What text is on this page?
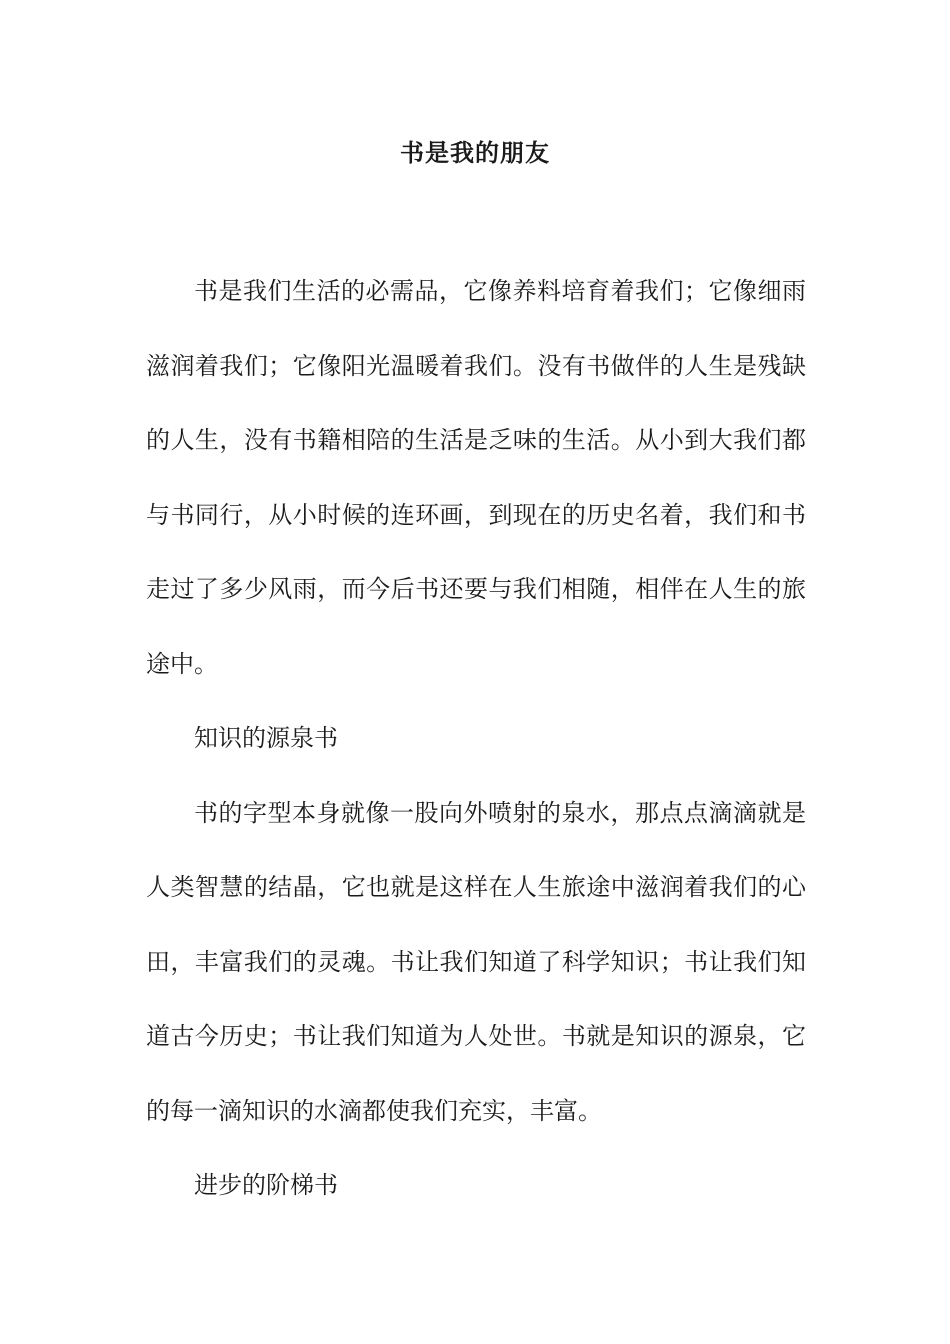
书是我的朋友

书是我们生活的必需品，它像养料培育着我们；它像细雨滋润着我们；它像阳光温暖着我们。没有书做伴的人生是残缺的人生，没有书籍相陪的生活是乏味的生活。从小到大我们都与书同行，从小时候的连环画，到现在的历史名着，我们和书走过了多少风雨，而今后书还要与我们相随，相伴在人生的旅途中。

知识的源泉书

书的字型本身就像一股向外喷射的泉水，那点点滴滴就是人类智慧的结晶，它也就是这样在人生旅途中滋润着我们的心田，丰富我们的灵魂。书让我们知道了科学知识；书让我们知道古今历史；书让我们知道为人处世。书就是知识的源泉，它的每一滴知识的水滴都使我们充实，丰富。

进步的阶梯书
